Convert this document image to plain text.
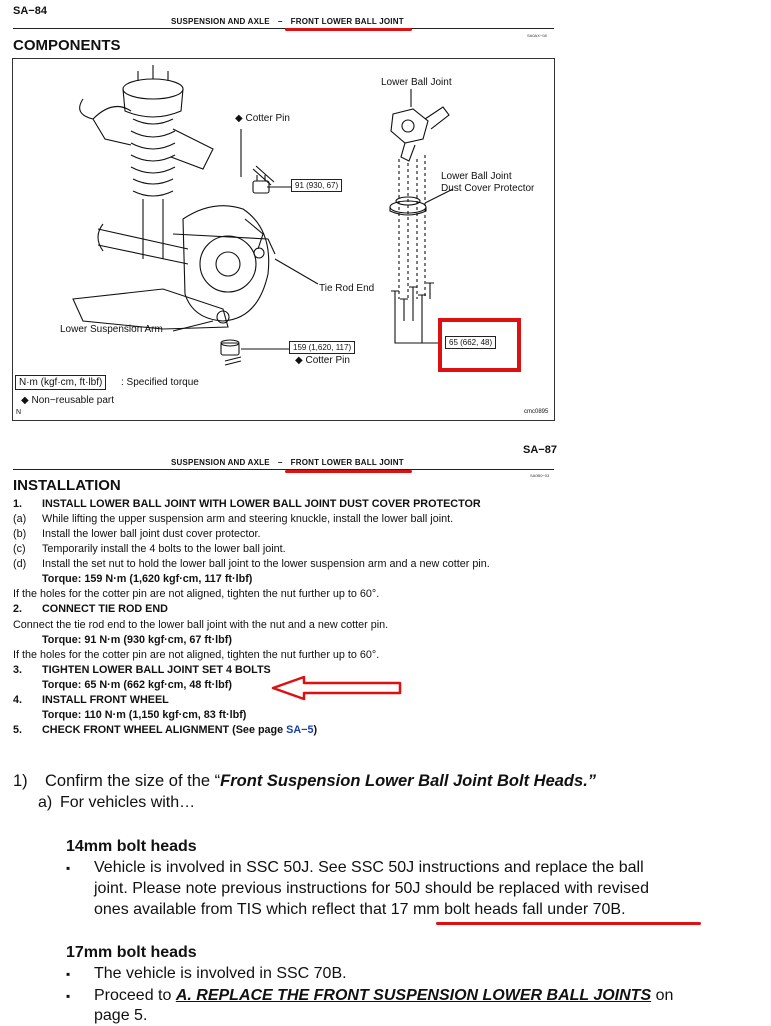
SA−84
SUSPENSION AND AXLE − FRONT LOWER BALL JOINT
SA0AX−08
COMPONENTS
Lower Ball Joint
◆ Cotter Pin
Lower Ball Joint
Dust Cover Protector
Tie Rod End
Lower Suspension Arm
◆ Cotter Pin
91 (930, 67)
159 (1,620, 117)
65 (662, 48)
N·m (kgf·cm, ft·lbf)	: Specified torque
◆ Non−reusable part
N	cmc0895
SA−87
SUSPENSION AND AXLE − FRONT LOWER BALL JOINT
SA0B0−03
INSTALLATION
1. INSTALL LOWER BALL JOINT WITH LOWER BALL JOINT DUST COVER PROTECTOR
(a) While lifting the upper suspension arm and steering knuckle, install the lower ball joint.
(b) Install the lower ball joint dust cover protector.
(c) Temporarily install the 4 bolts to the lower ball joint.
(d) Install the set nut to hold the lower ball joint to the lower suspension arm and a new cotter pin.
Torque: 159 N·m (1,620 kgf·cm, 117 ft·lbf)
If the holes for the cotter pin are not aligned, tighten the nut further up to 60°.
2. CONNECT TIE ROD END
Connect the tie rod end to the lower ball joint with the nut and a new cotter pin.
Torque: 91 N·m (930 kgf·cm, 67 ft·lbf)
If the holes for the cotter pin are not aligned, tighten the nut further up to 60°.
3. TIGHTEN LOWER BALL JOINT SET 4 BOLTS
Torque: 65 N·m (662 kgf·cm, 48 ft·lbf)
4. INSTALL FRONT WHEEL
Torque: 110 N·m (1,150 kgf·cm, 83 ft·lbf)
5. CHECK FRONT WHEEL ALIGNMENT (See page SA−5)
1) Confirm the size of the “Front Suspension Lower Ball Joint Bolt Heads.”
a) For vehicles with…
14mm bolt heads
▪ Vehicle is involved in SSC 50J. See SSC 50J instructions and replace the ball
joint. Please note previous instructions for 50J should be replaced with revised
ones available from TIS which reflect that 17 mm bolt heads fall under 70B.
17mm bolt heads
▪ The vehicle is involved in SSC 70B.
▪ Proceed to A. REPLACE THE FRONT SUSPENSION LOWER BALL JOINTS on
page 5.
